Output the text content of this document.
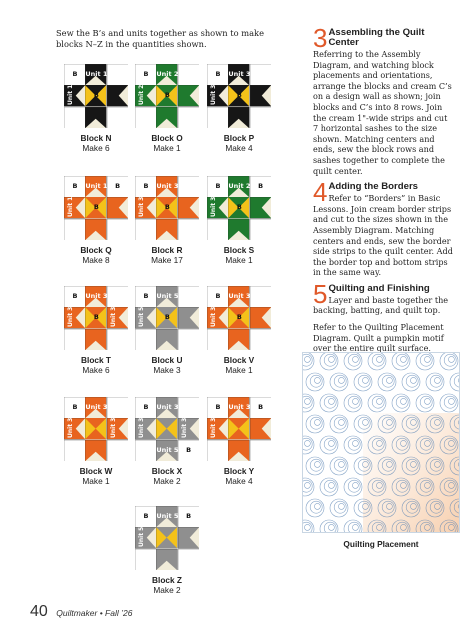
Sew the B’s and units together as shown to make blocks N–Z in the quantities shown.
Unit 1
Unit 1
B
B
Block N
Make 6
Unit 2
Unit 2
B
B
Block O
Make 1
Unit 3
Unit 3
B
B
Block P
Make 4
Unit 1
Unit 1
B	B
B
Block Q
Make 8
Unit 3
Unit 3
B
B
Block R
Make 17
Unit 2
Unit 3
B	B
B
Block S
Make 1
Unit 3
Unit 3	Unit 3
B
B
Block T
Make 6
Unit 5
Unit 5
B
B
Block U
Make 3
Unit 3
Unit 3
B
B
Block V
Make 1
Unit 3
Unit 3	Unit 3
B
Block W
Make 1
Unit 3
Unit 3	Unit 3
Unit 5
B
B
Block X
Make 2
Unit 3
Unit 3
B	B
Block Y
Make 4
Unit 5
Unit 5
B	B
Block Z
Make 2
3 Assembling the Quilt Center

Referring to the Assembly Diagram, and watching block placements and orientations, arrange the blocks and cream C’s on a design wall as shown; join blocks and C’s into 8 rows. Join the cream 1"-wide strips and cut 7 horizontal sashes to the size shown. Matching centers and ends, sew the block rows and sashes together to complete the quilt center.

4 Adding the Borders

Refer to “Borders” in Basic Lessons. Join cream border strips and cut to the sizes shown in the Assembly Diagram. Matching centers and ends, sew the border side strips to the quilt center. Add the border top and bottom strips in the same way.

5 Quilting and Finishing

Layer and baste together the backing, batting, and quilt top.

Refer to the Quilting Placement Diagram. Quilt a pumpkin motif over the entire quilt surface.

Quilting Placement
40 Quiltmaker • Fall ’26
